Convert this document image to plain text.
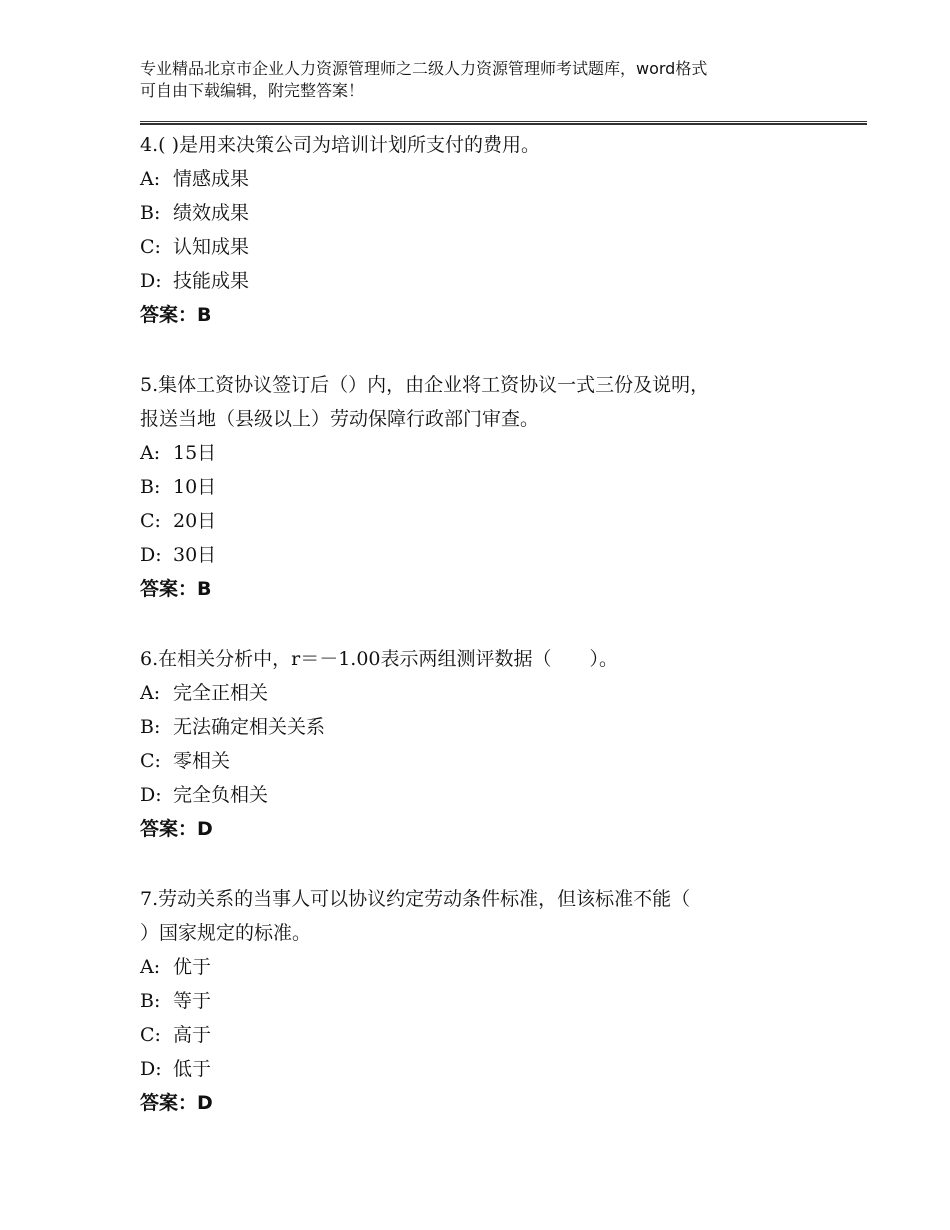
专业精品北京市企业人力资源管理师之二级人力资源管理师考试题库，word格式
可自由下载编辑，附完整答案！
4.( )是用来决策公司为培训计划所支付的费用。
A: 情感成果
B: 绩效成果
C: 认知成果
D: 技能成果
答案：B
5.集体工资协议签订后（）内，由企业将工资协议一式三份及说明，
报送当地（县级以上）劳动保障行政部门审查。
A: 15日
B: 10日
C: 20日
D: 30日
答案：B
6.在相关分析中，r＝－1.00表示两组测评数据（　　）。
A: 完全正相关
B: 无法确定相关关系
C: 零相关
D: 完全负相关
答案：D
7.劳动关系的当事人可以协议约定劳动条件标准，但该标准不能（
）国家规定的标准。
A: 优于
B: 等于
C: 高于
D: 低于
答案：D
